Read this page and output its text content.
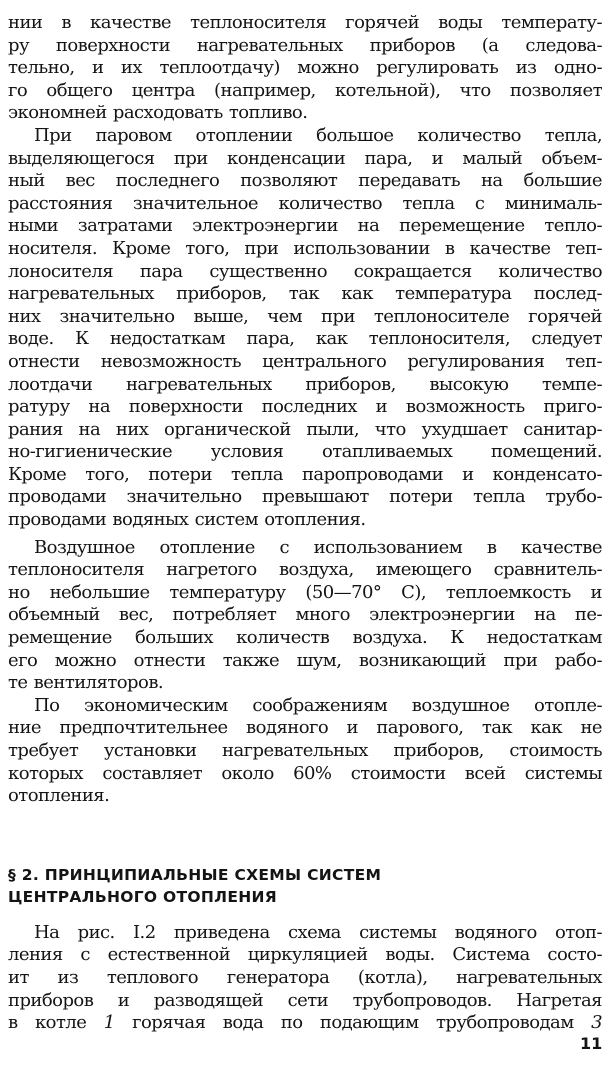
нии в качестве теплоносителя горячей воды температу-
ру поверхности нагревательных приборов (а следова-
тельно, и их теплоотдачу) можно регулировать из одно-
го общего центра (например, котельной), что позволяет
экономней расходовать топливо.
При паровом отоплении большое количество тепла,
выделяющегося при конденсации пара, и малый объем-
ный вес последнего позволяют передавать на большие
расстояния значительное количество тепла с минималь-
ными затратами электроэнергии на перемещение тепло-
носителя. Кроме того, при использовании в качестве теп-
лоносителя пара существенно сокращается количество
нагревательных приборов, так как температура послед-
них значительно выше, чем при теплоносителе горячей
воде. К недостаткам пара, как теплоносителя, следует
отнести невозможность центрального регулирования теп-
лоотдачи нагревательных приборов, высокую темпе-
ратуру на поверхности последних и возможность приго-
рания на них органической пыли, что ухудшает санитар-
но-гигиенические условия отапливаемых помещений.
Кроме того, потери тепла паропроводами и конденсато-
проводами значительно превышают потери тепла трубо-
проводами водяных систем отопления.
Воздушное отопление с использованием в качестве
теплоносителя нагретого воздуха, имеющего сравнитель-
но небольшие температуру (50—70° С), теплоемкость и
объемный вес, потребляет много электроэнергии на пе-
ремещение больших количеств воздуха. К недостаткам
его можно отнести также шум, возникающий при рабо-
те вентиляторов.
По экономическим соображениям воздушное отопле-
ние предпочтительнее водяного и парового, так как не
требует установки нагревательных приборов, стоимость
которых составляет около 60% стоимости всей системы
отопления.
§ 2. ПРИНЦИПИАЛЬНЫЕ СХЕМЫ СИСТЕМ
ЦЕНТРАЛЬНОГО ОТОПЛЕНИЯ
На рис. I.2 приведена схема системы водяного отоп-
ления с естественной циркуляцией воды. Система состо-
ит из теплового генератора (котла), нагревательных
приборов и разводящей сети трубопроводов. Нагретая
в котле 1 горячая вода по подающим трубопроводам 3
11
